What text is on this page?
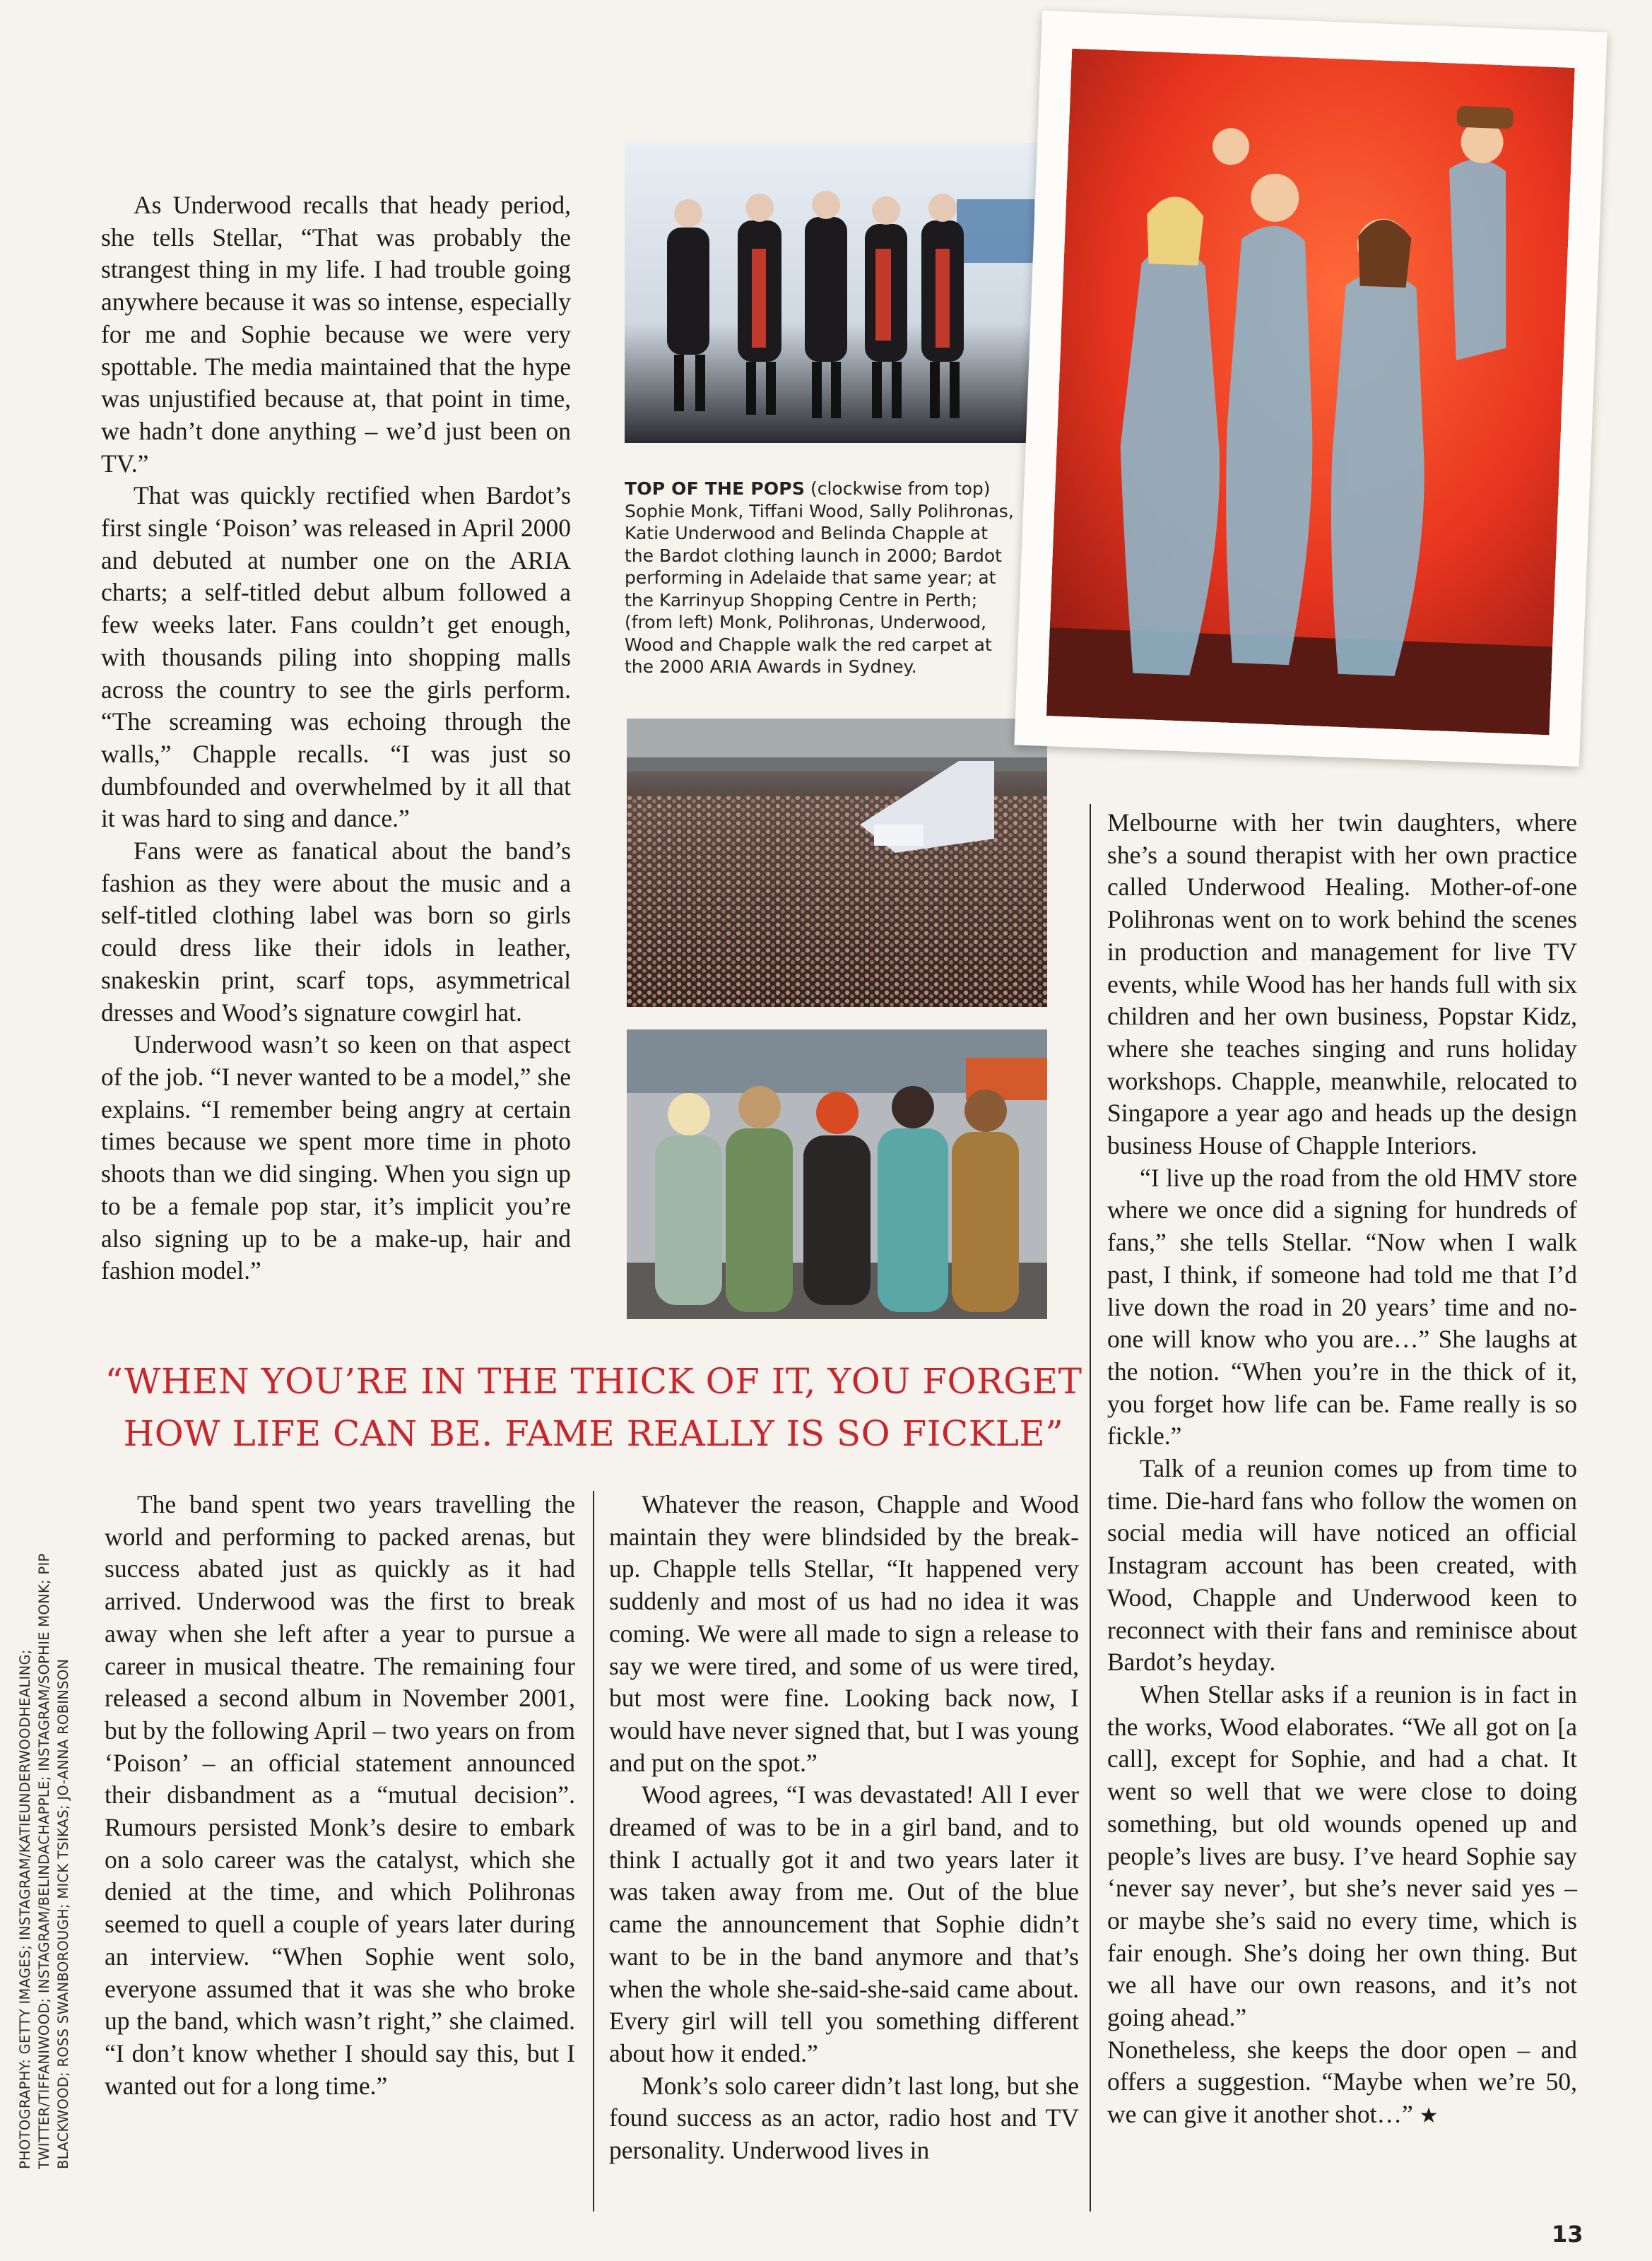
As Underwood recalls that heady period, she tells Stellar, “That was probably the strangest thing in my life. I had trouble going anywhere because it was so intense, especially for me and Sophie because we were very spottable. The media maintained that the hype was unjustified because at, that point in time, we hadn’t done anything – we’d just been on TV.”

That was quickly rectified when Bardot’s first single ‘Poison’ was released in April 2000 and debuted at number one on the ARIA charts; a self-titled debut album followed a few weeks later. Fans couldn’t get enough, with thousands piling into shopping malls across the country to see the girls perform. “The screaming was echoing through the walls,” Chapple recalls. “I was just so dumbfounded and overwhelmed by it all that it was hard to sing and dance.”

Fans were as fanatical about the band’s fashion as they were about the music and a self-titled clothing label was born so girls could dress like their idols in leather, snakeskin print, scarf tops, asymmetrical dresses and Wood’s signature cowgirl hat.

Underwood wasn’t so keen on that aspect of the job. “I never wanted to be a model,” she explains. “I remember being angry at certain times because we spent more time in photo shoots than we did singing. When you sign up to be a female pop star, it’s implicit you’re also signing up to be a make-up, hair and fashion model.”

TOP OF THE POPS (clockwise from top) Sophie Monk, Tiffani Wood, Sally Polihronas, Katie Underwood and Belinda Chapple at the Bardot clothing launch in 2000; Bardot performing in Adelaide that same year; at the Karrinyup Shopping Centre in Perth; (from left) Monk, Polihronas, Underwood, Wood and Chapple walk the red carpet at the 2000 ARIA Awards in Sydney.

Melbourne with her twin daughters, where she’s a sound therapist with her own practice called Underwood Healing. Mother-of-one Polihronas went on to work behind the scenes in production and management for live TV events, while Wood has her hands full with six children and her own business, Popstar Kidz, where she teaches singing and runs holiday workshops. Chapple, meanwhile, relocated to Singapore a year ago and heads up the design business House of Chapple Interiors.

“I live up the road from the old HMV store where we once did a signing for hundreds of fans,” she tells Stellar. “Now when I walk past, I think, if someone had told me that I’d live down the road in 20 years’ time and no-one will know who you are…” She laughs at the notion. “When you’re in the thick of it, you forget how life can be. Fame really is so fickle.”

Talk of a reunion comes up from time to time. Die-hard fans who follow the women on social media will have noticed an official Instagram account has been created, with Wood, Chapple and Underwood keen to reconnect with their fans and reminisce about Bardot’s heyday.

When Stellar asks if a reunion is in fact in the works, Wood elaborates. “We all got on [a call], except for Sophie, and had a chat. It went so well that we were close to doing something, but old wounds opened up and people’s lives are busy. I’ve heard Sophie say ‘never say never’, but she’s never said yes – or maybe she’s said no every time, which is fair enough. She’s doing her own thing. But we all have our own reasons, and it’s not going ahead.”

Nonetheless, she keeps the door open – and offers a suggestion. “Maybe when we’re 50, we can give it another shot…” ★

“WHEN YOU’RE IN THE THICK OF IT, YOU FORGET HOW LIFE CAN BE. FAME REALLY IS SO FICKLE”

The band spent two years travelling the world and performing to packed arenas, but success abated just as quickly as it had arrived. Underwood was the first to break away when she left after a year to pursue a career in musical theatre. The remaining four released a second album in November 2001, but by the following April – two years on from ‘Poison’ – an official statement announced their disbandment as a “mutual decision”. Rumours persisted Monk’s desire to embark on a solo career was the catalyst, which she denied at the time, and which Polihronas seemed to quell a couple of years later during an interview. “When Sophie went solo, everyone assumed that it was she who broke up the band, which wasn’t right,” she claimed. “I don’t know whether I should say this, but I wanted out for a long time.”

Whatever the reason, Chapple and Wood maintain they were blindsided by the break-up. Chapple tells Stellar, “It happened very suddenly and most of us had no idea it was coming. We were all made to sign a release to say we were tired, and some of us were tired, but most were fine. Looking back now, I would have never signed that, but I was young and put on the spot.”

Wood agrees, “I was devastated! All I ever dreamed of was to be in a girl band, and to think I actually got it and two years later it was taken away from me. Out of the blue came the announcement that Sophie didn’t want to be in the band anymore and that’s when the whole she-said-she-said came about. Every girl will tell you something different about how it ended.”

Monk’s solo career didn’t last long, but she found success as an actor, radio host and TV personality. Underwood lives in

PHOTOGRAPHY: GETTY IMAGES; INSTAGRAM/KATIEUNDERWOODHEALING; TWITTER/TIFFANIWOOD; INSTAGRAM/BELINDACHAPPLE; INSTAGRAM/SOPHIE MONK; PIP BLACKWOOD; ROSS SWANBOROUGH; MICK TSIKAS; JO-ANNA ROBINSON
13
